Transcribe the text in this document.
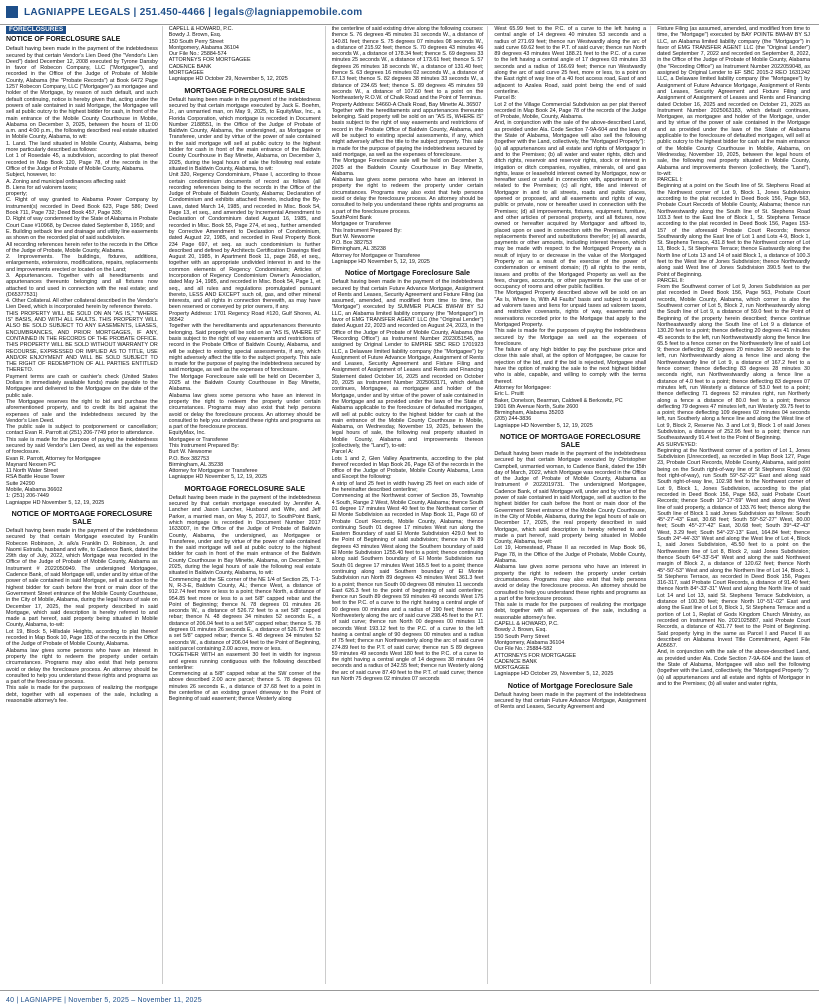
LAGNIAPPE LEGALS | 251.450-4466 | legals@lagniappemobile.com
FORECLOSURES
NOTICE OF FORECLOSURE SALE

Default having been made in the payment of the indebtedness secured by that certain Vendor's Lien Deed (the "Vendor's Lien Deed") dated December 12, 2008 executed by Tyrone Dansby in favor of Robecon Company, LLC ("Mortgagee"), and recorded in the Office of the Judge of Probate of Mobile County, Alabama (the "Probate Records") at Book 6472 Page 1257 Robecon Company, LLC ("Mortgagee") as mortgagee and holder of the Mortgage, by reason of such default, and such default continuing, notice is hereby given that, acting under the powers of sale contained in said Mortgage, the Mortgagee will sell at public outcry to the highest bidder for cash, in front of the main entrance of the Mobile County Courthouse in Mobile, Alabama on December 3, 2025, between the hours of 11:00 a.m. and 4:00 p.m., the following described real estate situated in Mobile County, Alabama, to wit:
1. Land. The land situated in Mobile County, Alabama, being more particularly described as follows:
Lot 1 of Rosedale 45, a subdivision, according to plat thereof recorded in Map Book 120, Page 78, of the records in the Office of the Judge of Probate of Mobile County, Alabama.
Subject, however, to:
A. Zoning and municipal ordinances affecting said:
B. Liens for ad valorem taxes;
property;
C. Right of way granted to Alabama Power Company by instrument(s) recorded in Deed Book 623, Page 586; Deed Book 711, Page 732; Deed Book 457, Page 335;
D. Right of way condemned by the State of Alabama in Probate Court Case #10968, by Decree dated September 8, 1959; and
E. Building setback line and drainage and utility line easements as shown on the recorded plat of said subdivision.
All recording references herein refer to the records in the Office of the Judge of Probate, Mobile County, Alabama.
2. Improvements. The buildings, fixtures, additions, enlargements, extensions, modifications, repairs, replacements and improvements erected or located on the Land;
3. Appurtenances. Together with all hereditaments and appurtenances thereunto belonging and all fixtures now attached to and used in connection with the real estate; and (D65377531)
4. Other Collateral. All other collateral described in the Vendor's Lien Deed, which is incorporated herein by reference thereto.
THIS PROPERTY WILL BE SOLD ON AN "AS IS," "WHERE IS" BASIS, AND WITH ALL FAULTS. THIS PROPERTY WILL ALSO BE SOLD SUBJECT TO ANY EASEMENTS, LEASES, ENCUMBRANCES, AND PRIOR MORTGAGES, IF ANY, CONTAINED IN THE RECORDS OF THE PROBATE OFFICE. THIS PROPERTY WILL BE SOLD WITHOUT WARRANTY OR RECOURSE, EXPRESSED OR IMPLIED AS TO TITLE, USE AND/OR ENJOYMENT AND WILL BE SOLD SUBJECT TO THE RIGHT OF REDEMPTION OF ALL PARTIES ENTITLED THERETO.
Payment terms are cash or cashier's check (United States Dollars in immediately available funds) made payable to the Mortgagee and delivered to the Mortgagee on the date of the public sale.
The Mortgagee reserves the right to bid and purchase the aforementioned property, and to credit its bid against the expenses of sale and the indebtedness secured by the Vendor's Lien Deed.
The public sale is subject to postponement or cancellation; contact Evan R. Parrott at (251) 206-7749 prior to attendance.
This sale is made for the purpose of paying the indebtedness secured by said Vendor's Lien Deed, as well as the expenses of foreclosure.
Evan R. Parrott, Attorney for Mortgagee
Maynard Nexsen PC
11 North Water Street
RSA Battle House Tower
Suite 24290
Mobile, Alabama 36602
1: (251) 206-7449
Lagniappe HD November 5, 12, 19, 2025

NOTICE OF MORTGAGE FORECLOSURE SALE

Default having been made in the payment of the indebtedness secured by that certain Mortgage executed by Franklin Robecon Robinson, Jr. a/k/a Franklin D. Robinson, Jr. and Naomi Estrada, husband and wife, to Cadence Bank, dated the 29th day of July, 2022, which Mortgage was recorded in the Office of the Judge of Probate of Mobile County, Alabama as Instrument # 2022050949. The undersigned Mortgagee, Cadence Bank, of said Mortgage will, under and by virtue of the power of sale contained in said Mortgage, sell at auction to the highest bidder for cash before the front or main door of the Government Street entrance of the Mobile County Courthouse, in the City of Mobile, Alabama, during the legal hours of sale on December 17, 2025, the real property described in said Mortgage, which said description is hereby referred to and made a part hereof, said property being situated in Mobile County, Alabama, to-wit:
Lot 19, Block 5, Hillsdale Heights, according to plat thereof recorded in Map Book 10, Page 183 of the records in the Office of the Judge of Probate of Mobile County, Alabama.
Alabama law gives some persons who have an interest in property the right to redeem the property under certain circumstances. Programs may also exist that help persons avoid or delay the foreclosure process. An attorney should be consulted to help you understand these rights and programs as a part of the foreclosure process.
This sale is made for the purposes of realizing the mortgage debt, together with all expenses of the sale, including a reasonable attorney's fee.

CAPELL & HOWARD, P.C.
Bowdy J. Brown, Esq.
150 South Perry Street
Montgomery, Alabama 36104
Our File No.: 25884-574
ATTORNEYS FOR MORTGAGEE
CADENCE BANK
MORTGAGEE
Lagniappe HD October 29, November 5, 12, 2025

MORTGAGE FORECLOSURE SALE

Default having been made in the payment of the indebtedness secured by that certain mortgage executed by Jack E. Boehm, Jr., an unmarried man, on May 9, 2025, to EquityMax, Inc., a Florida Corporation, which mortgage is recorded in Document Number 2188551, in the Office of the Judge of Probate of Baldwin County, Alabama, the undersigned, as Mortgagee or Transferee, under and by virtue of the power of sale contained in the said mortgage will sell at public outcry to the highest bidder for cash in front of the main entrance of the Baldwin County Courthouse in Bay Minette, Alabama, on December 3, 2025, during the legal hours of sale the following real estate situated in Baldwin County, Alabama, to wit:
Unit 320, Regency Condominium, Phase I, according to those certain condominium documents of record as follows (all recording references being to the records in the Office of the Judge of Probate of Baldwin County, Alabama; Declaration of Condominium and exhibits attached thereto, including the By-Laws, dated March 14, 1985, and recorded in Misc. Book 54, Page 13, et seq., and amended by Incremental Amendment to Declaration of Condominium dated August 16, 1985, and recorded in Misc. Book 55, Page 274, et seq., further amended by Corrective Amendment to Declaration of Condominium, dated August 22, 1985, and recorded in Real Property Book 234 Page 697, et seq. as such condominium is further described and defined by Architects Certification Drawings filed August 20, 1985, in Apartment Book 11, page 268, et seq., together with an appropriate undivided interest in and to the common elements of Regency Condominium; Articles of Incorporation of Regency Condominium Owner's Association, dated May 14, 1985, and recorded in Misc. Book 54, Page 1, et seq., and all rules and regulations promulgated pursuant thereto, LESS AND EXCEPT such oil, gas, and other mineral interests, and all rights in connection therewith, as may have been reserved or conveyed by prior owners, if any.
Property Address: 1701 Regency Road #120, Gulf Shores, AL 36542
Together with the hereditaments and appurtenances thereunto belonging. Said property will be sold on an "AS IS, WHERE IS" basis subject to the right of way easements and restrictions of record in the Probate Office of Baldwin County, Alabama, and will be subject to existing special assessments, if any, which might adversely affect the title to the subject property. This sale is made for the purpose of paying the indebtedness secured by said mortgage, as well as the expenses of foreclosure.
The Mortgage Foreclosure sale will be held on December 3, 2025 at the Baldwin County Courthouse in Bay Minette, Alabama.
Alabama law gives some persons who have an interest in property the right to redeem the property under certain circumstances. Programs may also exist that help persons avoid or delay the foreclosure process. An attorney should be consulted to help you understand these rights and programs as a part of the foreclosure process.
EquityMax, Inc.
Mortgagee or Transferee
This Instrument Prepared By:
Burt W. Newsome
P.O. Box 382753
Birmingham, AL 35238
Attorney for Mortgagee or Transferee
Lagniappe HD November 5, 12, 19, 2025

MORTGAGE FORECLOSURE SALE

Default having been made in the payment of the indebtedness secured by that certain mortgage executed by Jennifer A. Lancher and Jason Lancher, Husband and Wife, and Jeff Parker, a married man, on May 5, 2017, to SouthPoint Bank, which mortgage is recorded in Document Number 2017 1633007, in the Office of the Judge of Probate of Baldwin County, Alabama, the undersigned, as Mortgagee or Transferee, under and by virtue of the power of sale contained in the said mortgage will sell at public outcry to the highest bidder for cash in front of the main entrance of the Baldwin County Courthouse in Bay Minette, Alabama, on December 3, 2025, during the legal hours of sale the following real estate situated in Baldwin County, Alabama, to wit:
Commencing at the SE corner of the NE 1/4 of Section 25, T-1-N, R-3-E, Baldwin County, AL; thence West, a distance of 912.74 feet more or less to a point; thence North, a distance of 954.85 feet more or less to a set 5/8" capped rebar and the Point of Beginning; thence N. 78 degrees 01 minutes 26 seconds W., a distance of 526.72 feet to a set 5/8" capped rebar; thence N. 48 degrees 34 minutes 52 seconds E., a distance of 206.04 feet to a set 5/8" capped rebar; thence S. 78 degrees 01 minutes 26 seconds E., a distance of 526.72 feet to a set 5/8" capped rebar; thence S. 48 degrees 34 minutes 52 seconds W., a distance of 206.04 feet to the Point of Beginning, said parcel containing 2.00 acres, more or less.
TOGETHER WITH an easement 30 feet in width for ingress and egress running contiguous with the following described centerline:
Commencing at a 5/8" capped rebar at the SW corner of the above described 2.00 acre parcel; thence S. 78 degrees 01 minutes 26 seconds E., a distance of 37.68 feet to a point in the centerline of an existing gravel driveway to the Point of Beginning of said easement; thence Westerly along

the centerline of said existing drive along the following courses: thence S. 76 degrees 45 minutes 31 seconds W., a distance of 140.81 feet; thence S. 75 degrees 07 minutes 08 seconds W., a distance of 215.92 feet; thence S. 70 degrees 43 minutes 46 seconds W., a distance of 178.34 feet; thence S. 69 degrees 33 minutes 25 seconds W., a distance of 173.61 feet; thence S. 57 degrees 26 minutes 18 seconds W., a distance of 131.40 feet; thence S. 63 degrees 16 minutes 02 seconds W., a distance of 67.13 feet; thence S. 82 degrees 38 minutes 33 seconds W., a distance of 234.65 feet; thence S. 89 degrees 45 minutes 59 seconds W., a distance of 107.60 feet to a point on the Northeasterly R.O.W. of Chalk Road and the Point of Terminus.
Property Address: 54660-A Chalk Road, Bay Minette AL 36507
Together with the hereditaments and appurtenances thereunto belonging. Said property will be sold on an "AS IS, WHERE IS" basis subject to the right of way easements and restrictions of record in the Probate Office of Baldwin County, Alabama, and will be subject to existing special assessments, if any, which might adversely affect the title to the subject property. This sale is made for the purpose of paying the indebtedness secured by said mortgage, as well as the expenses of foreclosure.
The Mortgage Foreclosure sale will be held on December 3, 2025 at the Baldwin County Courthouse in Bay Minette, Alabama.
Alabama law gives some persons who have an interest in property the right to redeem the property under certain circumstances. Programs may also exist that help persons avoid or delay the foreclosure process. An attorney should be consulted to help you understand these rights and programs as a part of the foreclosure process.
SouthPoint Bank
Mortgagee or Transferee
This Instrument Prepared By:
Burt W. Newsome
P.O. Box 382753
Birmingham, AL 35238
Attorney for Mortgagee or Transferee
Lagniappe HD November 5, 12, 19, 2025

Notice of Mortgage Foreclosure Sale

Default having been made in the payment of the indebtedness secured by that certain Future Advance Mortgage, Assignment of Rents and Leases, Security Agreement and Fixture Filing (as assumed, amended, and modified from time to time, the "Mortgage") executed by SUMMER PLACE BWHW BY SJ LLC, an Alabama limited liability company (the "Mortgagor") in favor of EMG TRANSFER AGENT LLC (the "Original Lender") dated August 22, 2023 and recorded on August 24, 2023, in the Office of the Judge of Probate of Mobile County, Alabama (the "Recording Office") as Instrument Number 2023051545, as assigned by Original Lender to EMPIRE SBC REO 1701923 LLC, a Delaware limited liability company (the "Mortgagee") by Assignment of Future Advance Mortgage, Assignment of Rents and Leases, Security Agreement and Fixture Filing and Assignment of Assignment of Leases and Rents and Financing Statement dated October 16, 2025 and recorded on October 20, 2025 as Instrument Number 2025063171, which default continues, Mortgagee, as mortgagee and holder of the Mortgage, under and by virtue of the power of sale contained in the Mortgage and as provided under the laws of the State of Alabama applicable to the foreclosure of defaulted mortgages, will sell at public outcry to the highest bidder for cash at the main entrance of the Mobile County Courthouse in Mobile, Alabama, on Wednesday, November 19, 2025, between the legal hours of sale, the following real property situated in Mobile County, Alabama and improvements thereon (collectively, the "Land"), to-wit:
Parcel A:
Lots 1 and 2, Glen Valley Apartments, according to the plat thereof recorded in Map Book 26, Page 63 of the records in the office of the Judge of Probate, Mobile County Alabama, Less and Except the following:
A strip of land 25 feet in width having 25 feet on each side of the hereinafter described centerline;
Commencing at the Northwest corner of Section 35, Township 4 South, Range 2 West, Mobile County, Alabama; thence South 01 degree 17 minutes West 40 feet to the Northeast corner of El Monte Subdivision as recorded in Map Book 11, Page 60 of Probate Court Records, Mobile County, Alabama; thence continuing South 01 degree 17 minutes West run along the Eastern Boundary of said El Monte Subdivision 429.0 feet to the Point of Beginning of said subdivision; thence run N 89 degrees 43 minutes West along the Southern boundary of said El Monte Subdivision 1255.40 feet to a point; thence continuing along said Southern boundary of El Monte Subdivision run South 01 degree 17 minutes West 165.5 feet to a point; thence continuing along said Southern boundary of El Monte Subdivision run North 89 degrees 43 minutes West 361.3 feet to a point; thence run South 00 degrees 08 minutes 11 seconds East 626.3 feet to the point of beginning of said centerline; thence run South 89 degrees 59 minutes 49 seconds West 175 feet to the P.C. of a curve to the right having a central angle of 90 degrees 00 minutes and a radius of 190 feet; thence run Northwesterly along the arc of said curve 298.45 feet to the P.T. of said curve; thence run North 00 degrees 00 minutes 11 seconds West 193.12 feet to the P.C. of a curve to the left having a central angle of 90 degrees 00 minutes and a radius of 75 feet; thence run Northwesterly along the arc of said curve 274.89 feet to the P.T. of said curve; thence run S 89 degrees 59 minutes 49 seconds West 180 feet to the P.C. of a curve to the right having a central angle of 14 degrees 38 minutes 04 seconds and a radius of 342.55 feet; thence run Westerly along the arc of said curve 87.49 feet to the P.T. of said curve; thence run North 75 degrees 02 minutes 07 seconds

West 65.99 feet to the P.C. of a curve to the left having a central angle of 14 degrees 40 minutes 53 seconds and a radius of 271.69 feet; thence run Westwardly along the arc of said curve 69.62 feet to the P.T. of said curve; thence run North 89 degrees 43 minutes West 188.21 feet to the P.C. of a curve to the left having a central angle of 17 degrees 03 minutes 33 seconds and a radius of 166.69 feet; thence run Westwardly along the arc of said curve 25 feet, more or less, to a point on the East right of way line of a 40 foot access road, East of and adjacent to Azalea Road, said point being the end of said centerline.
Parcel B:
Lot 2 of the Village Commercial Subdivision as per plat thereof recorded in Map Book 24, Page 78 of the records of the Judge of Probate, Mobile, County, Alabama.
And, in conjunction with the sale of the above-described Land, as provided under Ala. Code Section 7-9A-604 and the laws of the State of Alabama, Mortgagee will also sell the following (together with the Land, collectively, the "Mortgaged Property"):
(a) all appurtenances and all estate and rights of Mortgagor in and to the Premises; (b) all water and water rights, ditch and ditch rights, reservoir and reservoir rights, stock or interest in irrigation or ditch companies, royalties, minerals, oil and gas rights, lease or leasehold interest owned by Mortgagor, now or hereafter used or useful in connection with, appurtenant to or related to the Premises; (c) all right, title and interest of Mortgagor in and to all streets, roads and public places, opened or proposed, and all easements and rights of way, public or private, now or hereafter used in connection with the Premises; (d) all improvements, fixtures, equipment, furniture, and other articles of personal property, and all fixtures, now owned or hereafter acquired by Mortgagor and affixed to, placed upon or used in connection with the Premises, and all replacements thereof and substitutions therefor; (e) all awards, payments or other amounts, including interest thereon, which may be made with respect to the Mortgaged Property as a result of injury to or decrease in the value of the Mortgaged Property or as a result of the exercise of the power of condemnation or eminent domain; (f) all rights to the rents, issues and profits of the Mortgaged Property as well as the fees, charges, accounts, or other payments for the use of or occupancy of rooms and other public facilities.
The Mortgaged Property described above will be sold on an "As Is, Where Is, With All Faults" basis and subject to unpaid ad valorem taxes and liens for unpaid taxes ad valorem taxes, and restrictive covenants, rights of way, easements and reservations recorded prior to the Mortgage that apply to the Mortgaged Property.
This sale is made for the purposes of paying the indebtedness secured by the Mortgage as well as the expenses of foreclosure.
The failure of any high bidder to pay the purchase price and close this sale shall, at the option of Mortgagee, be cause for rejection of the bid, and if the bid is rejected, Mortgagee shall have the option of making the sale to the next highest bidder who is able, capable, and willing to comply with the terms thereof.
Attorney for Mortgagee:
Eric L. Pruitt
Baker, Donelson, Bearman, Caldwell & Berkowitz, PC
1901 6th Avenue North, Suite 2600
Birmingham, Alabama 35203
(205) 244-3836
Lagniappe HD November 5, 12, 19, 2025

NOTICE OF MORTGAGE FORECLOSURE SALE

Default having been made in the payment of the indebtedness secured by that certain Mortgage executed by Christopher Campbell, unmarried woman, to Cadence Bank, dated the 15th day of March, 2022, which Mortgage was recorded in the Office of the Judge of Probate of Mobile County, Alabama as Instrument # 2022019731. The undersigned Mortgagee, Cadence Bank, of said Mortgage will, under and by virtue of the power of sale contained in said Mortgage, sell at auction to the highest bidder for cash before the front or main door of the Government Street entrance of the Mobile County Courthouse, in the City of Mobile, Alabama, during the legal hours of sale on December 17, 2025, the real property described in said Mortgage, which said description is hereby referred to and made a part hereof, said property being situated in Mobile County, Alabama, to-wit:
Lot 19, Homestead, Phase II as recorded in Map Book 96, Page 78, in the Office of the Judge of Probate, Mobile County, Alabama.
Alabama law gives some persons who have an interest in property the right to redeem the property under certain circumstances. Programs may also exist that help persons avoid or delay the foreclosure process. An attorney should be consulted to help you understand these rights and programs as a part of the foreclosure process.
This sale is made for the purposes of realizing the mortgage debt, together with all expenses of the sale, including a reasonable attorney's fee.
CAPELL & HOWARD, P.C.
Bowdy J. Brown, Esq.
150 South Perry Street
Montgomery, Alabama 36104
Our File No.: 25884-582
ATTORNEYS FOR MORTGAGEE
CADENCE BANK
MORTGAGEE
Lagniappe HD October 29, November 5, 12, 2025

Notice of Mortgage Foreclosure Sale

Default having been made in the payment of the indebtedness secured by that certain Future Advance Mortgage, Assignment of Rents and Leases, Security Agreement and

Fixture Filing (as assumed, amended, and modified from time to time, the "Mortgage") executed by BAY POINTE BWHW BY SJ LLC, an Alabama limited liability company (the "Mortgagor") in favor of EMG TRANSFER AGENT LLC (the "Original Lender") dated September 7, 2022 and recorded on September 8, 2022, in the Office of the Judge of Probate of Mobile County, Alabama (the "Recording Office") as Instrument Number 2022059048, as assigned by Original Lender to EF SBC 2015-2 REO 1631242 LLC, a Delaware limited liability company (the "Mortgagee") by Assignment of Future Advance Mortgage, Assignment of Rents and Leases, Security Agreement and Fixture Filing and Assignment of Assignment of Leases and Rents and Financing dated October 16, 2025 and recorded on October 21, 2025 as Instrument Number 2025063183, which default continues, Mortgagee, as mortgagee and holder of the Mortgage, under and by virtue of the power of sale contained in the Mortgage and as provided under the laws of the State of Alabama applicable to the foreclosure of defaulted mortgages, will sell at public outcry to the highest bidder for cash at the main entrance of the Mobile County Courthouse in Mobile, Alabama, on Wednesday, November 19, 2025, between the legal hours of sale, the following real property situated in Mobile County, Alabama and improvements thereon (collectively, the "Land"), to-wit:
PARCEL I:
Beginning at a point on the South line of St. Stephens Road at the Northwest corner of Lot 9, Block 1, Jones Subdivision according to the plat recorded in Deed Book 156, Page 563, Probate Court Records of Mobile County, Alabama; thence run Northwestwardly along the South line of St. Stephens Road 103.3 feet to the East line of Block 1, St. Stephens Terrace according to the plat recorded in Deed Book 156, Pages 153-157 of the aforesaid Probate Court Records; thence Southwardly along the East line of Lot 1 and Lots 4-9, Block 1, St. Stephens Terrace, 431.8 feet to the Northwest corner of Lot 13, Block 1, St Stephens Terrace; thence Eastwardly along the North line of Lots 13 and 14 of said Block 1, a distance of 100.3 feet to the West line of Jones Subdivision; thence Northwardly along said West line of Jones Subdivision 390.5 feet to the Point of Beginning.
PARCEL II:
From the Southwest corner of Lot 9, Jones Subdivision as per plat recorded in Deed Book 156, Page 563, Probate Court records, Mobile County, Alabama, which corner is also the Southwest corner of Lot 5, Block 2, run Northeastwardly along the South line of Lot 9, a distance of 59.0 feet to the Point of Beginning of the property herein described; thence continue Northeastwardly along the South line of Lot 9 a distance of 130.20 feet to a point; thence deflecting 20 degrees 41 minutes 45 seconds to the left, run Northwestwardly along the fence line 65.5 feet to a fence corner on the Northwesterly line of said Lot 9; thence deflecting 82 degrees 20 minutes 30 seconds to the left, run Northwestwardly along a fence line and along the Northwestwardly line of Lot 9, a distance of 167.2 feet to a fence corner; thence deflecting 83 degrees 28 minutes 30 seconds right, run Northwestwardly along a fence line a distance of 4.0 feet to a point; thence deflecting 83 degrees 07 minutes left, run Westerly a distance of 53.0 feet to a point; thence deflecting 71 degrees 52 minutes right, run Northerly along a fence a distance of 80.0 feet to a point; thence deflecting 79 degrees 47 minutes left, run Westerly 39.75 feet to a point; thence deflecting 109 degrees 02 minutes 04 seconds left, run Southerly along a fence line and along the West line of Lot 9, Block 2, Reserve No. 3 and Lot 9, Block 1 of said Jones Subdivision, a distance of 252.95 feet to a point; thence run Southeastwardly 91.4 feet to the Point of Beginning.
AS SURVEYED:
Beginning at the Northwest corner of a portion of Lot 1, Jones Subdivision (Unrecorded), as recorded in Map Book 127, Page 23, Probate Court Records, Mobile County, Alabama, said point being on the South right-of-way line of St Stephens Road (60 foot right-of-way), run South 59°-52'-22" East and along said South right-of-way line, 102.98 feet to the Northwest corner of Lot 9, Block 1, Jones Subdivision, according to the plat recorded in Deed Book 156, Page 563, said Probate Court Records; thence South 10°-17'-59" West and along the West line of said property, a distance of 133.76 feet; thence along the South line of Block 1 said Jones Subdivision as follows: South 45°-27'-43" East, 30.68 feet; South 59°-52'-27" West, 80.00 feet; South 45°-27'-42" East, 30.68 feet; South 39°-42'-43" West, 3.29 feet; South 54°-23'-13" East, 164.84 feet; thence South 24°-44'-33" West and along the West line of Lot 4, Block 1, said Jones Subdivision, 45.50 feet to a point on the Northwestern line of Lot 8, Block 2, said Jones Subdivision; thence South 64°-33'-54" West and along the said Northwest margin of Block 2, a distance of 120.62 feet; thence North 45°-50'-53" West and along the Northern line of Lot 14, Block 1, St Stephens Terrace, as recorded in Deed Book 156, Pages 316-317, said Probate Court Records, a distance of 91.40 feet; thence North 84°-33'-31" West and along the North line of said Lot 14 and Lot 13, said St. Stephens Terrace Subdivision, a distance of 100.30 feet; thence North 10°-51'-02" East and along the East line of Lot 9, Block 1, St Stephens Terrace and a portion of Lot 1, Replat of Gods Kingdom Church Ministry, as recorded on Instrument No. 2021025887, said Probate Court Records, a distance of 431.77 feet to the Point of Beginning. Said property lying in the same as Parcel I and Parcel II as described on Alabama Invest Title Commitment, Agent File A05657.
And, in conjunction with the sale of the above-described Land, as provided under Ala. Code Section 7-9A-604 and the laws of the State of Alabama, Mortgagee will also sell the following (together with the Land, collectively, the "Mortgaged Property "):
(a) all appurtenances and all estate and rights of Mortgagor in and to the Premises; (b) all water and water rights,

40 | LAGNIAPPE | November 5, 2025 – November 11, 2025
